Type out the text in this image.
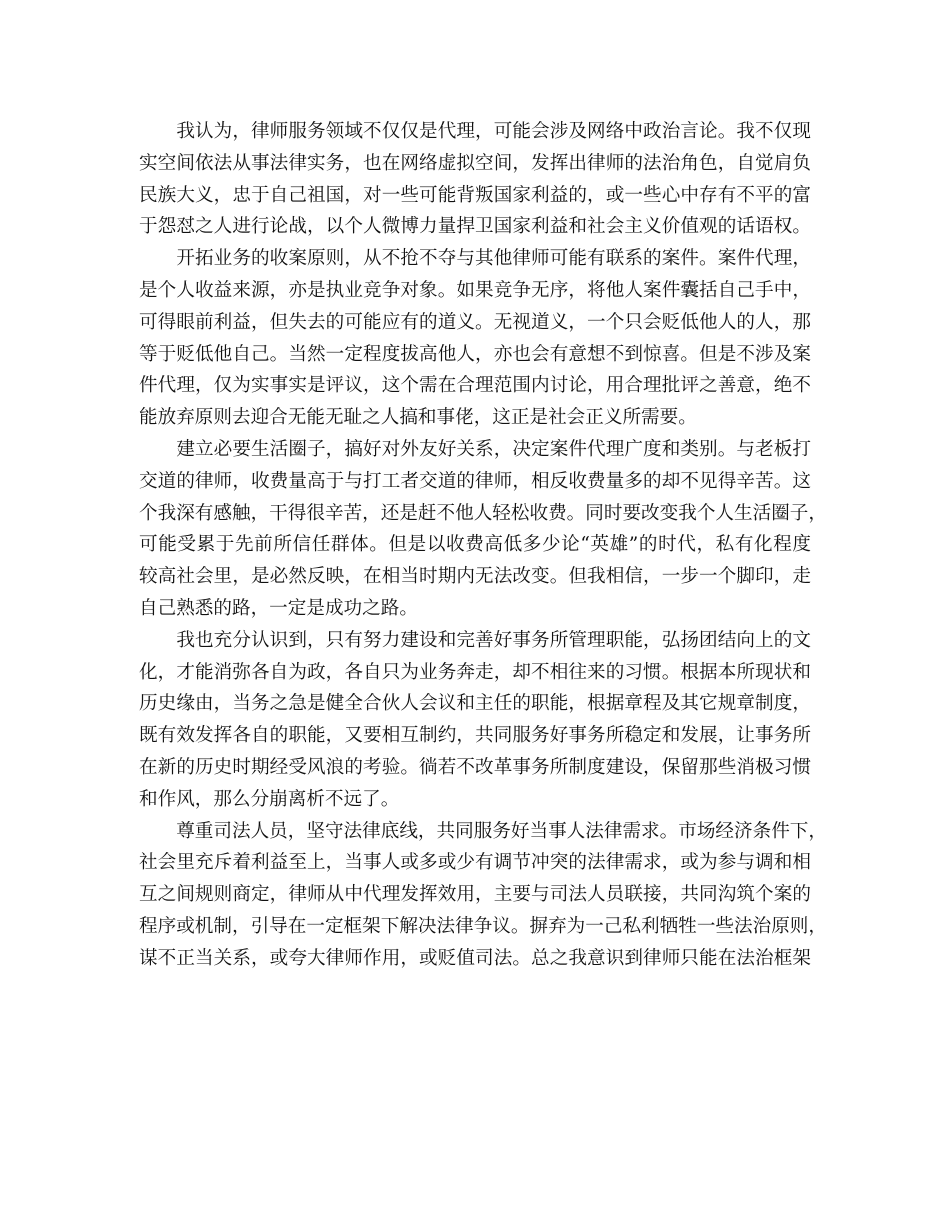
　　我认为，律师服务领域不仅仅是代理，可能会涉及网络中政治言论。我不仅现
实空间依法从事法律实务，也在网络虚拟空间，发挥出律师的法治角色，自觉肩负
民族大义，忠于自己祖国，对一些可能背叛国家利益的，或一些心中存有不平的富
于怨怼之人进行论战，以个人微博力量捍卫国家利益和社会主义价值观的话语权。
　　开拓业务的收案原则，从不抢不夺与其他律师可能有联系的案件。案件代理，
是个人收益来源，亦是执业竞争对象。如果竞争无序，将他人案件囊括自己手中，
可得眼前利益，但失去的可能应有的道义。无视道义，一个只会贬低他人的人，那
等于贬低他自己。当然一定程度拔高他人，亦也会有意想不到惊喜。但是不涉及案
件代理，仅为实事实是评议，这个需在合理范围内讨论，用合理批评之善意，绝不
能放弃原则去迎合无能无耻之人搞和事佬，这正是社会正义所需要。
　　建立必要生活圈子，搞好对外友好关系，决定案件代理广度和类别。与老板打
交道的律师，收费量高于与打工者交道的律师，相反收费量多的却不见得辛苦。这
个我深有感触，干得很辛苦，还是赶不他人轻松收费。同时要改变我个人生活圈子，
可能受累于先前所信任群体。但是以收费高低多少论“英雄”的时代，私有化程度
较高社会里，是必然反映，在相当时期内无法改变。但我相信，一步一个脚印，走
自己熟悉的路，一定是成功之路。
　　我也充分认识到，只有努力建设和完善好事务所管理职能，弘扬团结向上的文
化，才能消弥各自为政，各自只为业务奔走，却不相往来的习惯。根据本所现状和
历史缘由，当务之急是健全合伙人会议和主任的职能，根据章程及其它规章制度，
既有效发挥各自的职能，又要相互制约，共同服务好事务所稳定和发展，让事务所
在新的历史时期经受风浪的考验。徜若不改革事务所制度建设，保留那些消极习惯
和作风，那么分崩离析不远了。
　　尊重司法人员，坚守法律底线，共同服务好当事人法律需求。市场经济条件下，
社会里充斥着利益至上，当事人或多或少有调节冲突的法律需求，或为参与调和相
互之间规则商定，律师从中代理发挥效用，主要与司法人员联接，共同沟筑个案的
程序或机制，引导在一定框架下解决法律争议。摒弃为一己私利牺牲一些法治原则，
谋不正当关系，或夸大律师作用，或贬值司法。总之我意识到律师只能在法治框架
